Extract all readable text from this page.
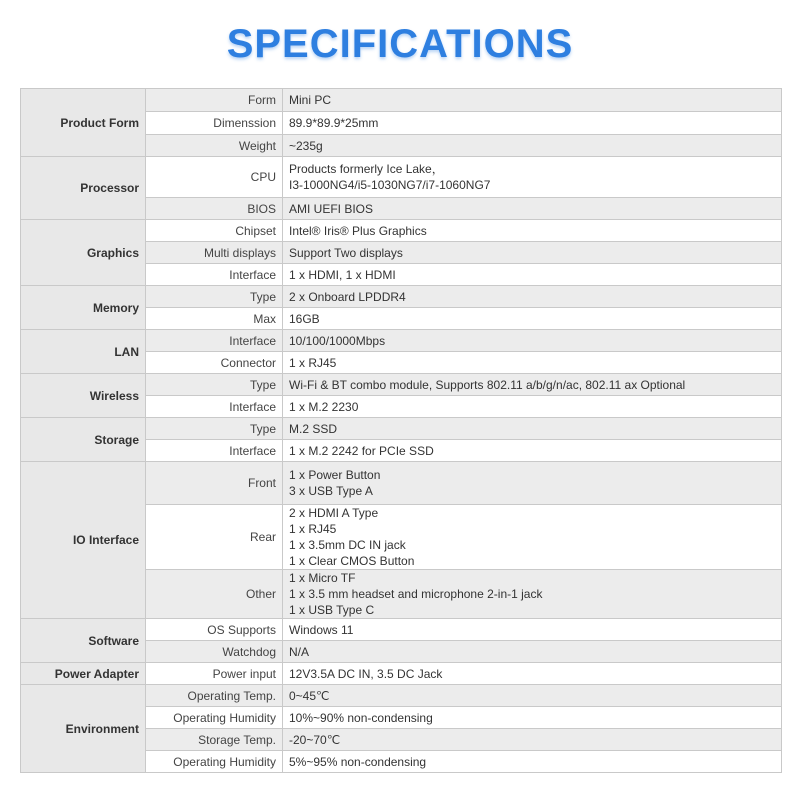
SPECIFICATIONS
Product Form	Form	Mini PC

	Dimenssion	89.9*89.9*25mm

	Weight	~235g

Processor	CPU	Products formerly Ice Lake，
I3-1000NG4/i5-1030NG7/i7-1060NG7

	BIOS	AMI UEFI BIOS

Graphics	Chipset	Intel® Iris® Plus Graphics

	Multi displays	Support Two displays

	Interface	1 x HDMI, 1 x HDMI

Memory	Type	2 x Onboard LPDDR4

	Max	16GB

LAN	Interface	10/100/1000Mbps

	Connector	1 x RJ45

Wireless	Type	Wi-Fi & BT combo module, Supports 802.11 a/b/g/n/ac, 802.11 ax Optional

	Interface	1 x M.2 2230

Storage	Type	M.2 SSD

	Interface	1 x M.2 2242 for PCIe SSD

IO Interface	Front	1 x Power Button
3 x USB Type A

	Rear	2 x HDMI A Type
1 x RJ45
1 x 3.5mm DC IN jack
1 x Clear CMOS Button

	Other	1 x Micro TF
1 x 3.5 mm headset and microphone 2-in-1 jack
1 x USB Type C

Software	OS Supports	Windows 11

	Watchdog	N/A

Power Adapter	Power input	12V3.5A DC IN, 3.5 DC Jack

Environment	Operating Temp.	0~45℃

	Operating Humidity	10%~90% non-condensing

	Storage Temp.	-20~70℃

	Operating Humidity	5%~95% non-condensing
